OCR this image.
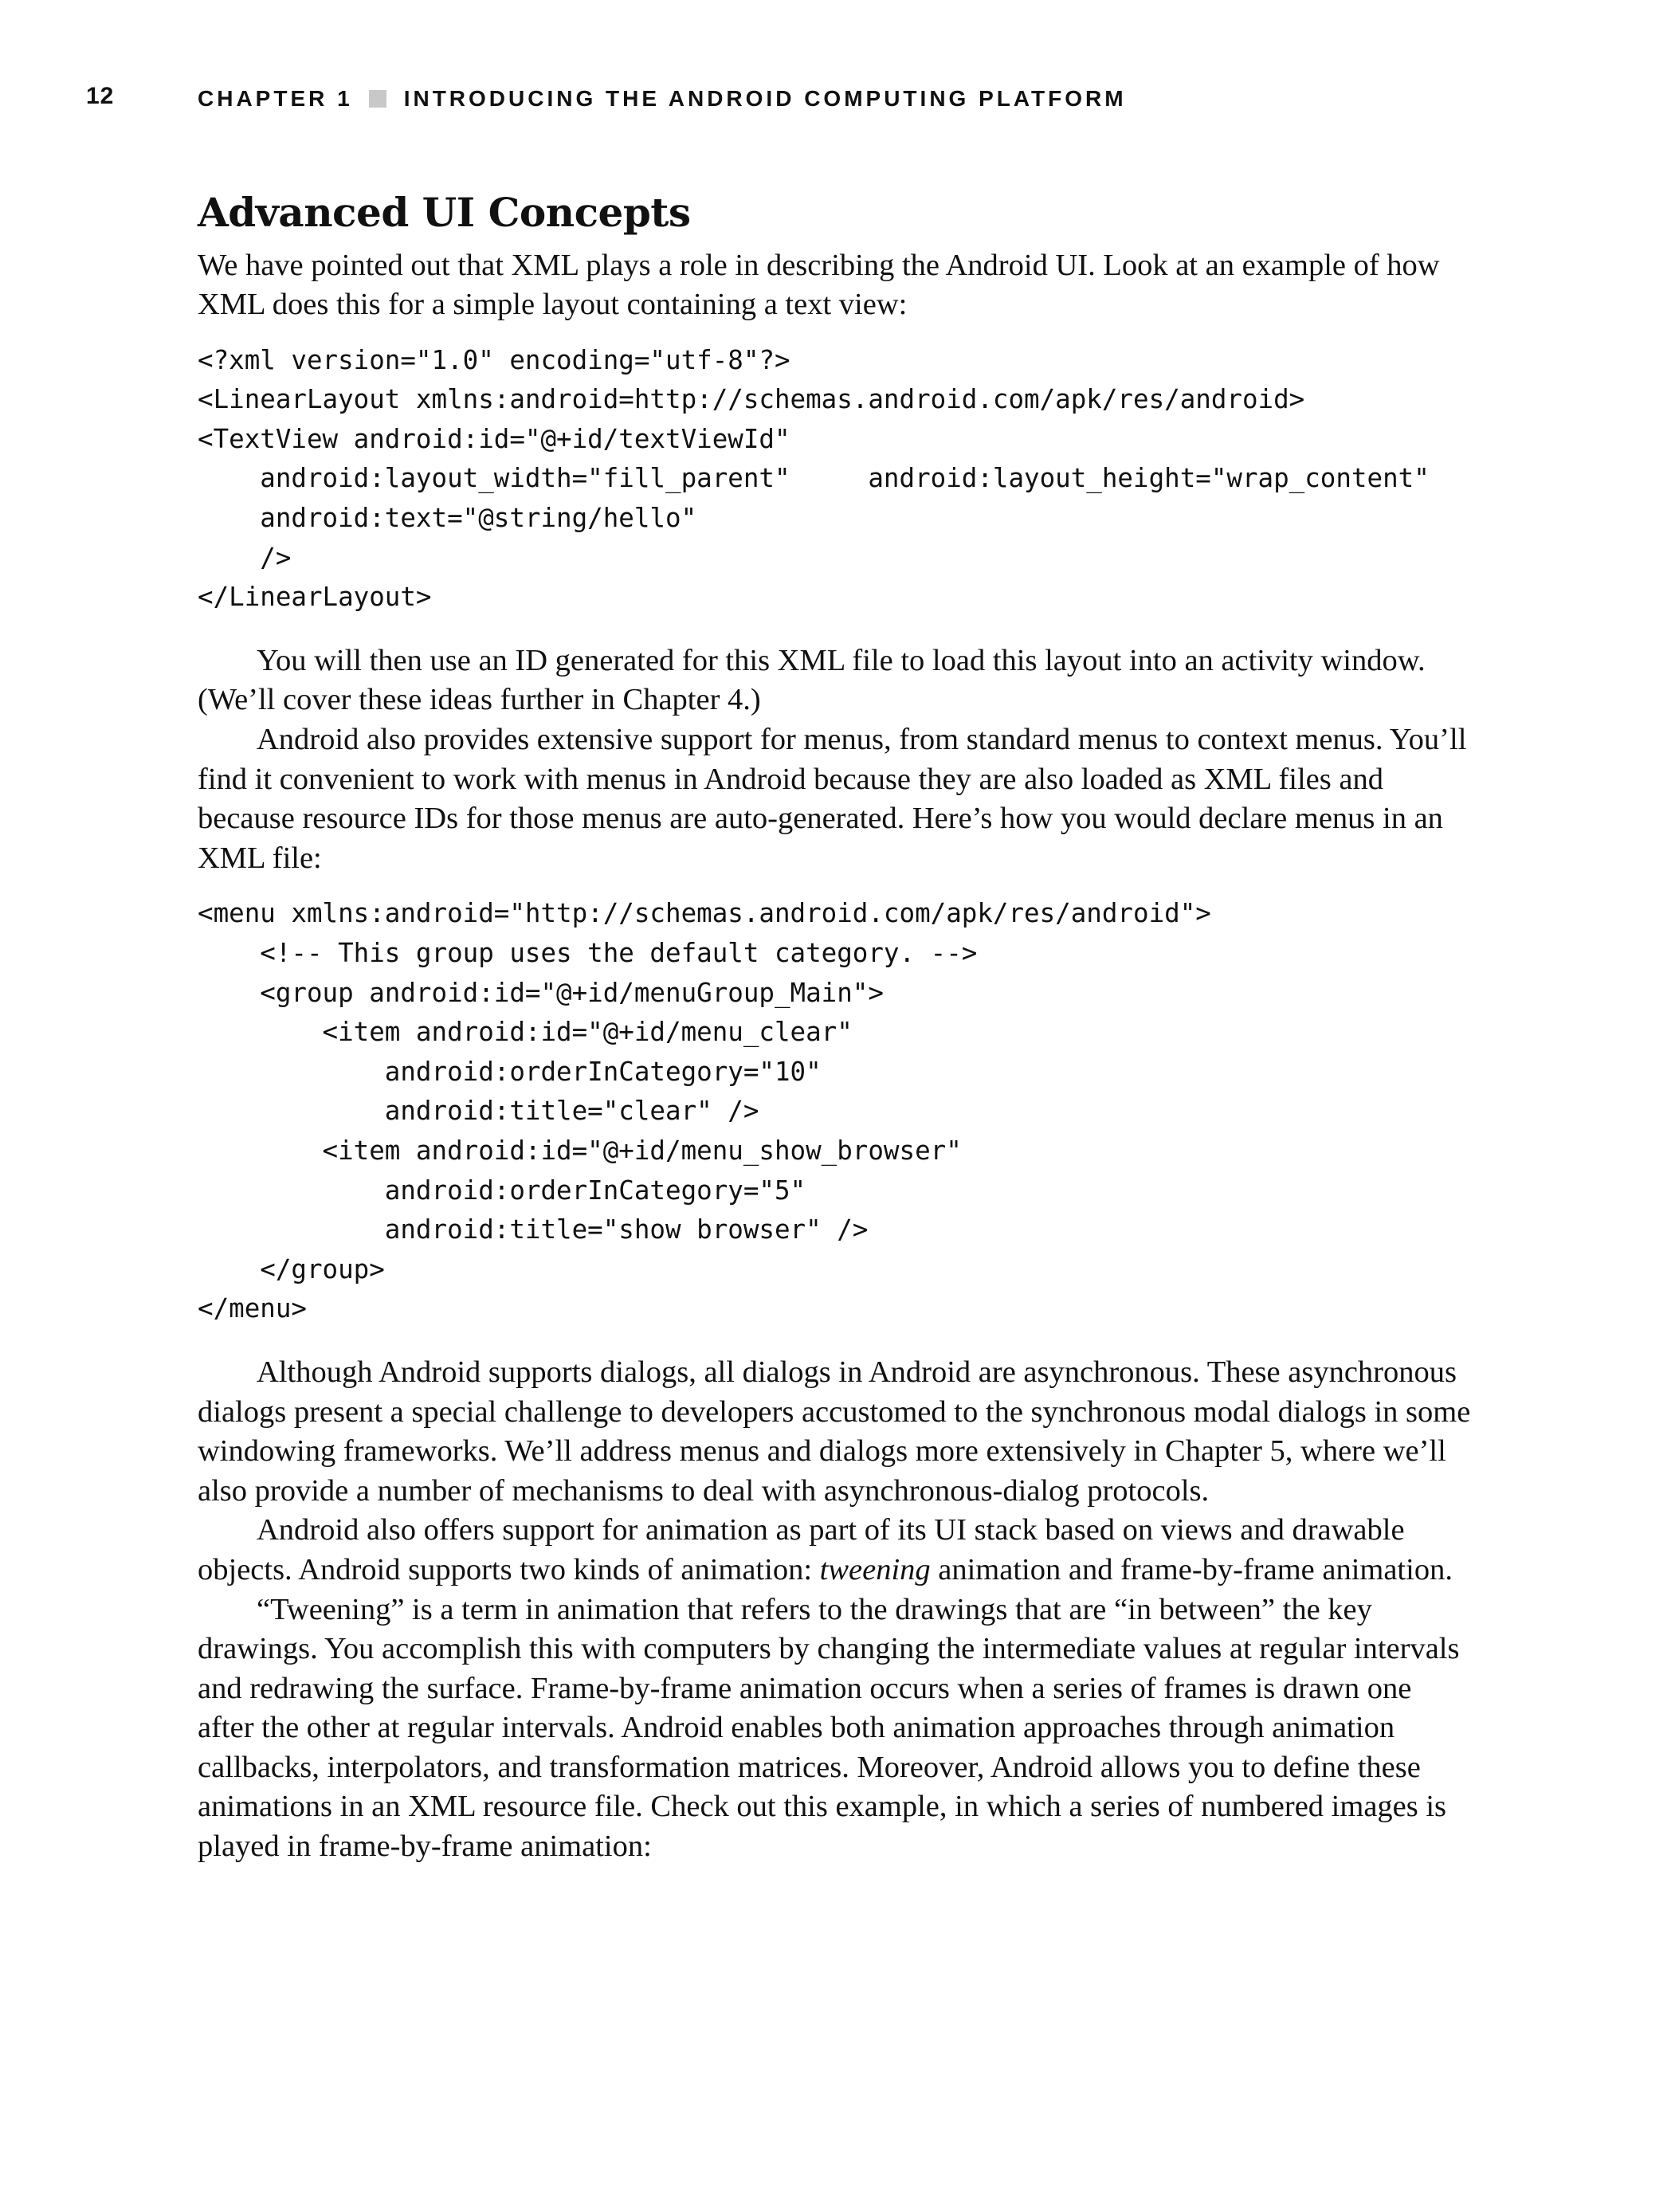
12	CHAPTER 1 INTRODUCING THE ANDROID COMPUTING PLATFORM
Advanced UI Concepts

We have pointed out that XML plays a role in describing the Android UI. Look at an example of how XML does this for a simple layout containing a text view:

<?xml version="1.0" encoding="utf-8"?>
<LinearLayout xmlns:android=http://schemas.android.com/apk/res/android>
<TextView android:id="@+id/textViewId"
android:layout_width="fill_parent"     android:layout_height="wrap_content"
android:text="@string/hello"
/>
</LinearLayout>

You will then use an ID generated for this XML file to load this layout into an activity window. (We’ll cover these ideas further in Chapter 4.)

Android also provides extensive support for menus, from standard menus to context menus. You’ll find it convenient to work with menus in Android because they are also loaded as XML files and because resource IDs for those menus are auto-generated. Here’s how you would declare menus in an XML file:

<menu xmlns:android="http://schemas.android.com/apk/res/android">
<!-- This group uses the default category. -->
<group android:id="@+id/menuGroup_Main">
<item android:id="@+id/menu_clear"
android:orderInCategory="10"
android:title="clear" />
<item android:id="@+id/menu_show_browser"
android:orderInCategory="5"
android:title="show browser" />
</group>
</menu>

Although Android supports dialogs, all dialogs in Android are asynchronous. These asynchronous dialogs present a special challenge to developers accustomed to the synchronous modal dialogs in some windowing frameworks. We’ll address menus and dialogs more extensively in Chapter 5, where we’ll also provide a number of mechanisms to deal with asynchronous-dialog protocols.

Android also offers support for animation as part of its UI stack based on views and drawable objects. Android supports two kinds of animation: tweening animation and frame-by-frame animation.

“Tweening” is a term in animation that refers to the drawings that are “in between” the key drawings. You accomplish this with computers by changing the intermediate values at regular intervals and redrawing the surface. Frame-by-frame animation occurs when a series of frames is drawn one after the other at regular intervals. Android enables both animation approaches through animation callbacks, interpolators, and transformation matrices. Moreover, Android allows you to define these animations in an XML resource file. Check out this example, in which a series of numbered images is played in frame-by-frame animation:
